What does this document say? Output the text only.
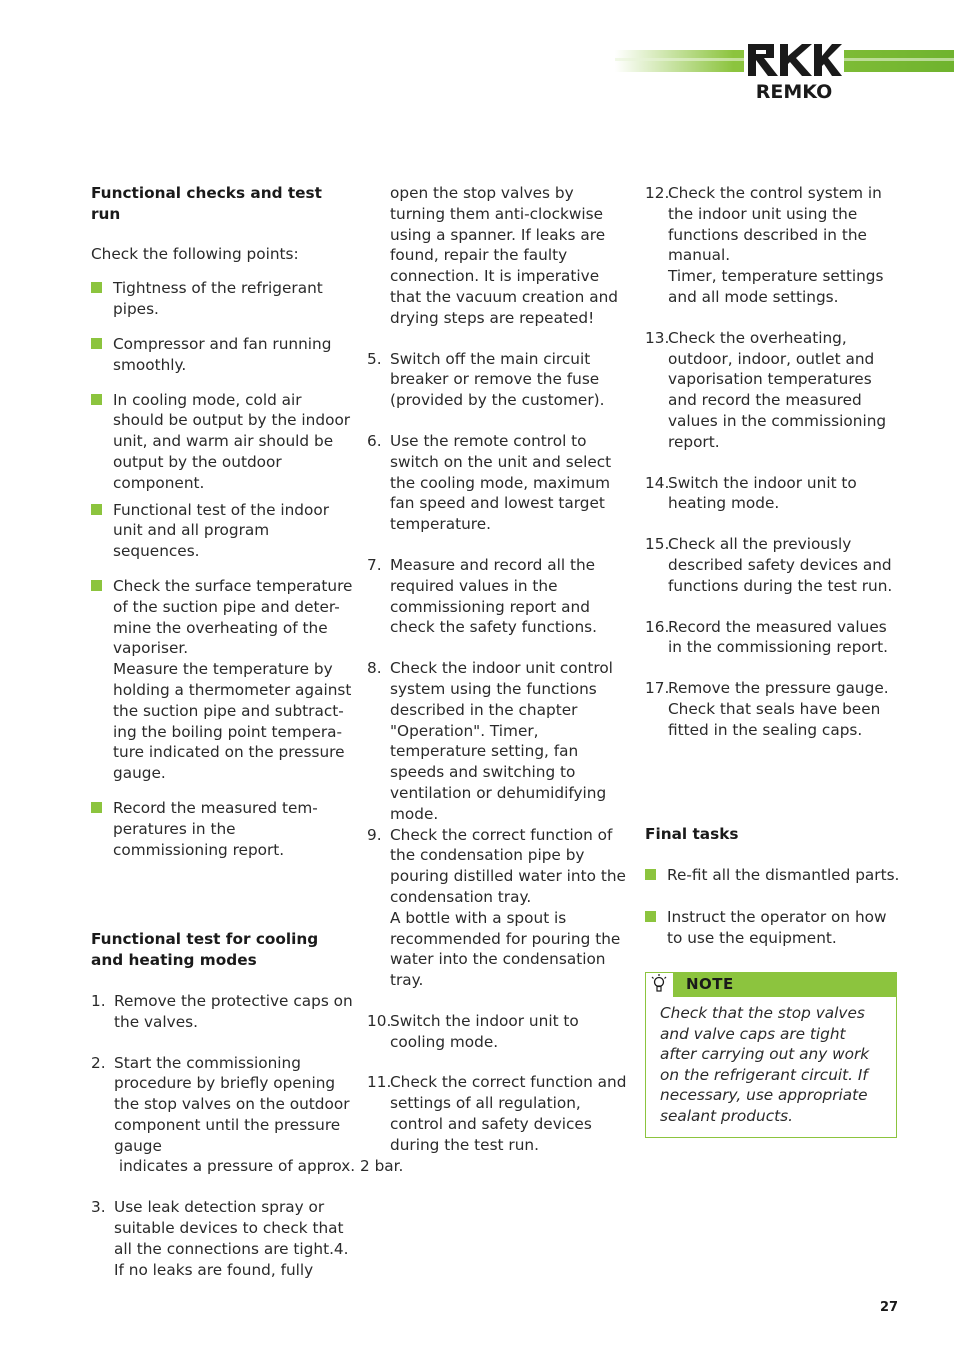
REMKO
Functional checks and test run

Check the following points:

Tightness of the refrigerant pipes.
Compressor and fan running smoothly.
In cooling mode, cold air should be output by the indoor unit, and warm air should be output by the outdoor component.
Functional test of the indoor unit and all program sequences.
Check the surface temperature of the suction pipe and deter-mine the overheating of the vaporiser.
Measure the temperature by holding a thermometer against the suction pipe and subtract-ing the boiling point tempera-ture indicated on the pressure gauge.
Record the measured tem-peratures in the commissioning report.
Functional test for cooling and heating modes
1. Remove the protective caps on the valves.
2. Start the commissioning procedure by briefly opening the stop valves on the outdoor component until the pressure gauge
indicates a pressure of approx. 2 bar.
3. Use leak detection spray or suitable devices to check that all the connections are tight.4. If no leaks are found, fully

open the stop valves by turning them anti-clockwise using a spanner. If leaks are found, repair the faulty connection. It is imperative that the vacuum creation and drying steps are repeated!

5. Switch off the main circuit breaker or remove the fuse (provided by the customer).
6. Use the remote control to switch on the unit and select the cooling mode, maximum fan speed and lowest target temperature.
7. Measure and record all the required values in the commissioning report and check the safety functions.
8. Check the indoor unit control system using the functions described in the chapter "Operation". Timer, temperature setting, fan speeds and switching to ventilation or dehumidifying mode.
9. Check the correct function of the condensation pipe by pouring distilled water into the condensation tray.
A bottle with a spout is recommended for pouring the water into the condensation tray.
10.
Switch the indoor unit to cooling mode.
11.
Check the correct function and settings of all regulation, control and safety devices during the test run.
12.
Check the control system in the indoor unit using the functions described in the manual.
Timer, temperature settings and all mode settings.
13.
Check the overheating, outdoor, indoor, outlet and vaporisation temperatures and record the measured values in the commissioning report.
14.
Switch the indoor unit to heating mode.
15.
Check all the previously described safety devices and functions during the test run.
16.
Record the measured values in the commissioning report.
17.
Remove the pressure gauge.
Check that seals have been fitted in the sealing caps.
Final tasks
Re-fit all the dismantled parts.
Instruct the operator on how to use the equipment.
NOTE
Check that the stop valves and valve caps are tight after carrying out any work on the refrigerant circuit. If necessary, use appropriate sealant products.
27
